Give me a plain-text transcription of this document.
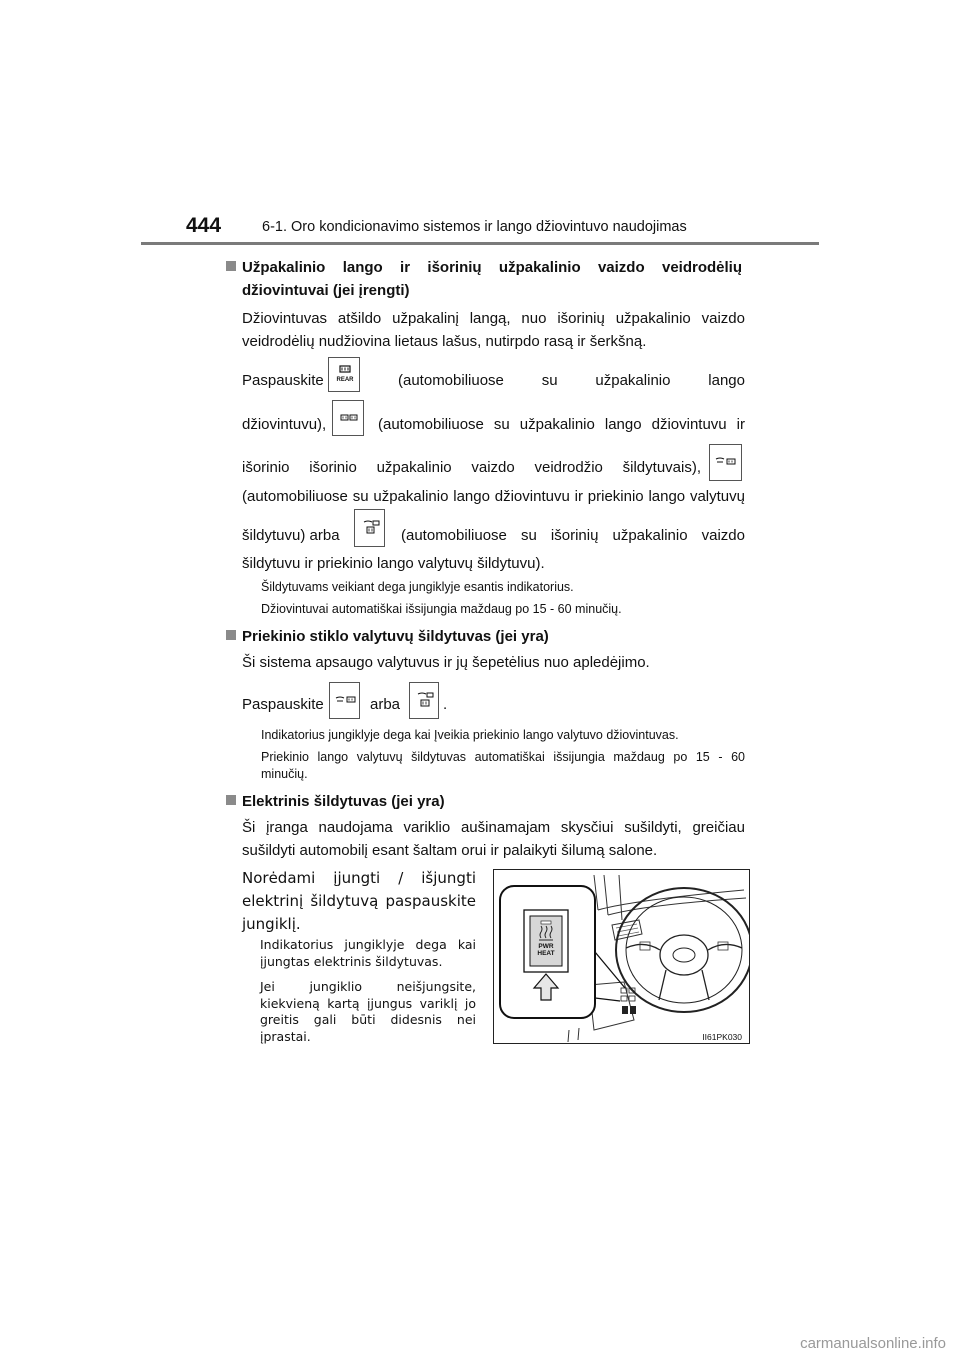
444	6-1. Oro kondicionavimo sistemos ir lango džiovintuvo naudojimas
Užpakalinio lango ir išorinių užpakalinio vaizdo veidrodėlių
džiovintuvai (jei įrengti)
Džiovintuvas atšildo užpakalinį langą, nuo išorinių užpakalinio vaizdo
veidrodėlių nudžiovina lietaus lašus, nutirpdo rasą ir šerkšną.
Paspauskite REAR	(automobiliuose su užpakalinio lango
džiovintuvu),	(automobiliuose su užpakalinio lango džiovintuvu ir
išorinio išorinio užpakalinio vaizdo veidrodžio šildytuvais),
(automobiliuose su užpakalinio lango džiovintuvu ir priekinio lango valytuvų
šildytuvu) arba	(automobiliuose su išorinių užpakalinio vaizdo
šildytuvu ir priekinio lango valytuvų šildytuvu).
Šildytuvams veikiant dega jungiklyje esantis indikatorius.
Džiovintuvai automatiškai išsijungia maždaug po 15 - 60 minučių.
Priekinio stiklo valytuvų šildytuvas (jei yra)
Ši sistema apsaugo valytuvus ir jų šepetėlius nuo apledėjimo.
Paspauskite	arba	.
Indikatorius jungiklyje dega kai Įveikia priekinio lango valytuvo džiovintuvas.
Priekinio lango valytuvų šildytuvas automatiškai išsijungia maždaug po 15 - 60
minučių.
Elektrinis šildytuvas (jei yra)
Ši įranga naudojama variklio aušinamajam skysčiui sušildyti, greičiau
sušildyti automobilį esant šaltam orui ir palaikyti šilumą salone.
Norėdami įjungti / išjungti
elektrinį šildytuvą paspauskite
jungiklį.
Indikatorius jungiklyje dega kai
įjungtas elektrinis šildytuvas.
Jei jungiklio neišjungsite,
kiekvieną kartą įjungus variklį jo
greitis gali būti didesnis nei
įprastai.
PWR
HEAT
II61PK030
carmanualsonline.info
